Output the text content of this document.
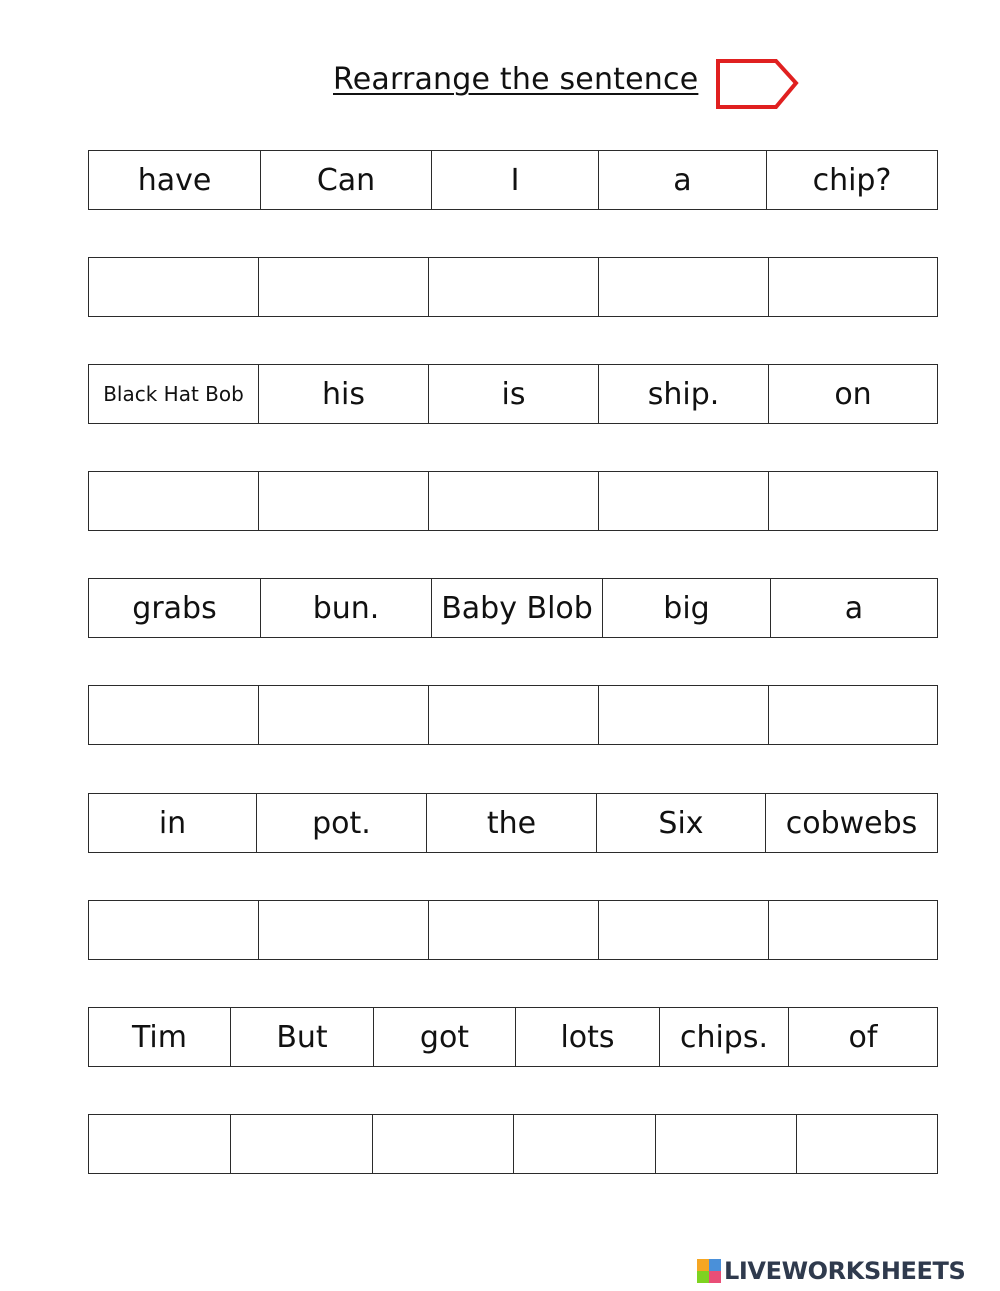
Rearrange the sentence
have	Can	I	a	chip?
Black Hat Bob	his	is	ship.	on
grabs	bun.	Baby Blob	big	a
in	pot.	the	Six	cobwebs
Tim	But	got	lots	chips.	of
LIVEWORKSHEETS
